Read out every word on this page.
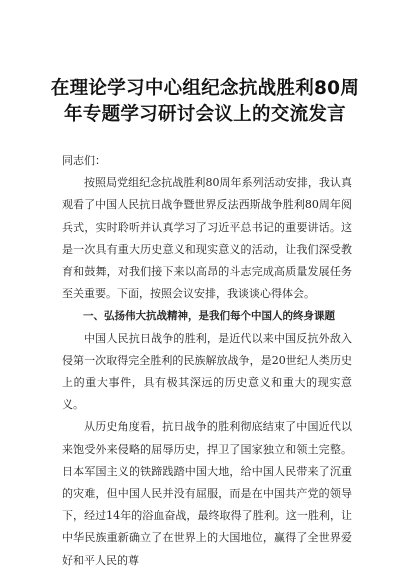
在理论学习中心组纪念抗战胜利80周
年专题学习研讨会议上的交流发言

同志们：

按照局党组纪念抗战胜利80周年系列活动安排，我认真观看了中国人民抗日战争暨世界反法西斯战争胜利80周年阅兵式，实时聆听并认真学习了习近平总书记的重要讲话。这是一次具有重大历史意义和现实意义的活动，让我们深受教育和鼓舞，对我们接下来以高昂的斗志完成高质量发展任务至关重要。下面，按照会议安排，我谈谈心得体会。

一、弘扬伟大抗战精神，是我们每个中国人的终身课题

中国人民抗日战争的胜利，是近代以来中国反抗外敌入侵第一次取得完全胜利的民族解放战争，是20世纪人类历史上的重大事件，具有极其深远的历史意义和重大的现实意义。

从历史角度看，抗日战争的胜利彻底结束了中国近代以来饱受外来侵略的屈辱历史，捍卫了国家独立和领土完整。日本军国主义的铁蹄践踏中国大地，给中国人民带来了沉重的灾难，但中国人民并没有屈服，而是在中国共产党的领导下，经过14年的浴血奋战，最终取得了胜利。这一胜利，让中华民族重新确立了在世界上的大国地位，赢得了全世界爱好和平人民的尊
